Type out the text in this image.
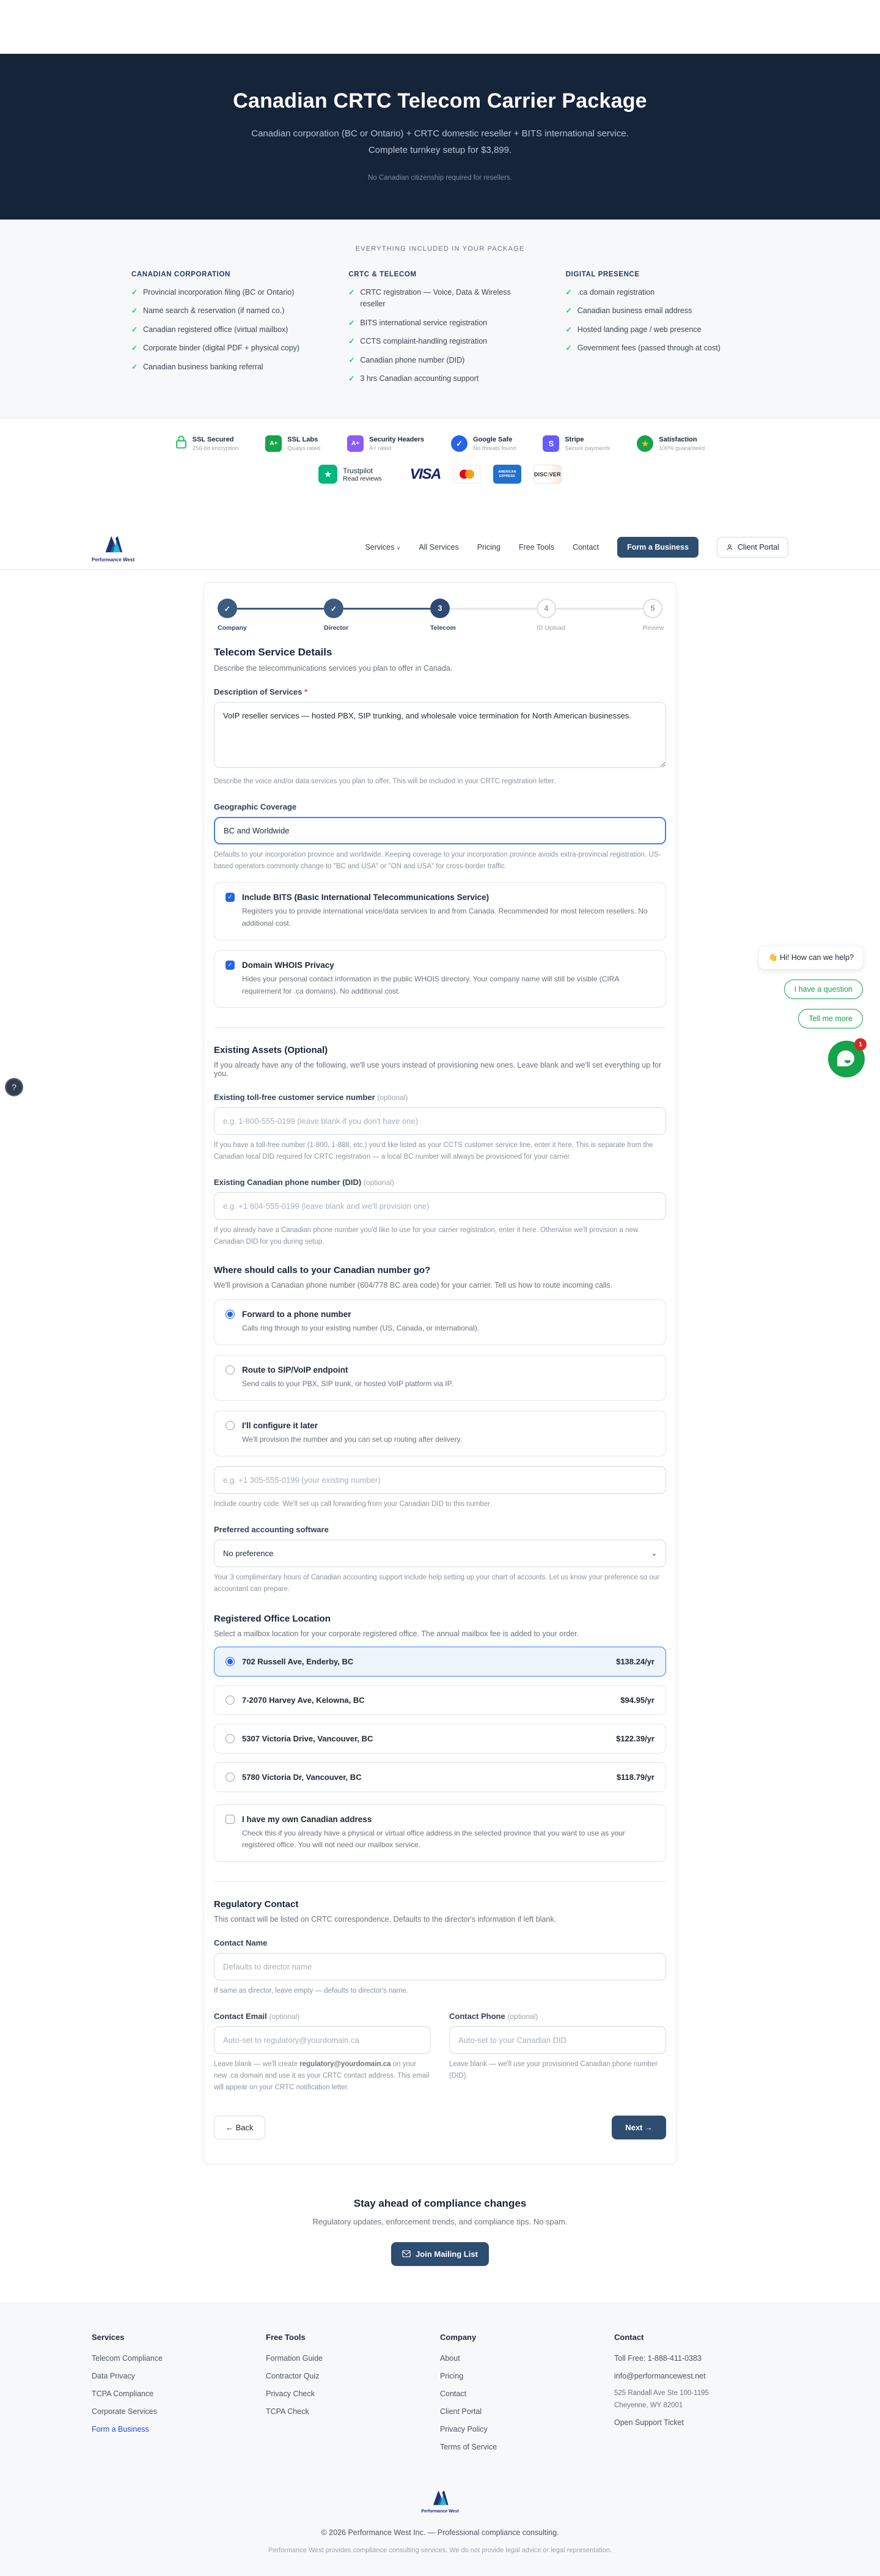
Canadian CRTC Telecom Carrier Package
Canadian corporation (BC or Ontario) + CRTC domestic reseller + BITS international service. Complete turnkey setup for $3,899.
No Canadian citizenship required for resellers.
EVERYTHING INCLUDED IN YOUR PACKAGE
CANADIAN CORPORATION
✓ Provincial incorporation filing (BC or Ontario)
✓ Name search & reservation (if named co.)
✓ Canadian registered office (virtual mailbox)
✓ Corporate binder (digital PDF + physical copy)
✓ Canadian business banking referral
CRTC & TELECOM
✓ CRTC registration — Voice, Data & Wireless reseller
✓ BITS international service registration
✓ CCTS complaint-handling registration
✓ Canadian phone number (DID)
✓ 3 hrs Canadian accounting support
DIGITAL PRESENCE
✓ .ca domain registration
✓ Canadian business email address
✓ Hosted landing page / web presence
✓ Government fees (passed through at cost)
SSL Secured
256-bit encryption
A+
SSL Labs
Qualys rated
A+
Security Headers
A+ rated
✓	Google Safe
No threats found	S	Stripe
Secure payments
★	Satisfaction
100% guaranteed
★	Trustpilot
Read reviews VISA	AMERICAN EXPRESS	DISC VER
Performance West
Services ∨ All Services Pricing Free Tools Contact	Form a Business	Client Portal
✓
Company
✓
Director
3
Telecom
4
ID Upload
5
Review
Telecom Service Details
Describe the telecommunications services you plan to offer in Canada.
Description of Services *
VoIP reseller services — hosted PBX, SIP trunking, and wholesale voice termination for North American businesses.
Describe the voice and/or data services you plan to offer. This will be included in your CRTC registration letter.
Geographic Coverage
BC and Worldwide
Defaults to your incorporation province and worldwide. Keeping coverage to your incorporation province avoids extra-provincial registration. US-based operators commonly change to "BC and USA" or "ON and USA" for cross-border traffic.
✓ Include BITS (Basic International Telecommunications Service)
Registers you to provide international voice/data services to and from Canada. Recommended for most telecom resellers. No additional cost.
✓ Domain WHOIS Privacy
Hides your personal contact information in the public WHOIS directory. Your company name will still be visible (CIRA requirement for .ca domains). No additional cost.
Existing Assets (Optional)
If you already have any of the following, we'll use yours instead of provisioning new ones. Leave blank and we'll set everything up for you.
Existing toll-free customer service number (optional)
e.g. 1-800-555-0199 (leave blank if you don't have one)
If you have a toll-free number (1-800, 1-888, etc.) you'd like listed as your CCTS customer service line, enter it here. This is separate from the Canadian local DID required for CRTC registration — a local BC number will always be provisioned for your carrier.
Existing Canadian phone number (DID) (optional)
e.g. +1 604-555-0199 (leave blank and we'll provision one)
If you already have a Canadian phone number you'd like to use for your carrier registration, enter it here. Otherwise we'll provision a new Canadian DID for you during setup.
Where should calls to your Canadian number go?
We'll provision a Canadian phone number (604/778 BC area code) for your carrier. Tell us how to route incoming calls.
Forward to a phone number
Calls ring through to your existing number (US, Canada, or international).
Route to SIP/VoIP endpoint
Send calls to your PBX, SIP trunk, or hosted VoIP platform via IP.
I'll configure it later
We'll provision the number and you can set up routing after delivery.
e.g. +1 305-555-0199 (your existing number)
Include country code. We'll set up call forwarding from your Canadian DID to this number.
Preferred accounting software
No preference	⌄
Your 3 complimentary hours of Canadian accounting support include help setting up your chart of accounts. Let us know your preference so our accountant can prepare.
Registered Office Location
Select a mailbox location for your corporate registered office. The annual mailbox fee is added to your order.
702 Russell Ave, Enderby, BC	$138.24/yr
7-2070 Harvey Ave, Kelowna, BC	$94.95/yr
5307 Victoria Drive, Vancouver, BC	$122.39/yr
5780 Victoria Dr, Vancouver, BC	$118.79/yr
I have my own Canadian address
Check this if you already have a physical or virtual office address in the selected province that you want to use as your registered office. You will not need our mailbox service.
Regulatory Contact
This contact will be listed on CRTC correspondence. Defaults to the director's information if left blank.
Contact Name
Defaults to director name
If same as director, leave empty — defaults to director's name.
Contact Email (optional)
Auto-set to regulatory@yourdomain.ca
Leave blank — we'll create regulatory@yourdomain.ca on your new .ca domain and use it as your CRTC contact address. This email will appear on your CRTC notification letter.
Contact Phone (optional)
Auto-set to your Canadian DID
Leave blank — we'll use your provisioned Canadian phone number (DID).
← Back	Next →
Stay ahead of compliance changes

Regulatory updates, enforcement trends, and compliance tips. No spam.

Join Mailing List
Services
Telecom Compliance
Data Privacy
TCPA Compliance
Corporate Services
Form a Business
Free Tools
Formation Guide
Contractor Quiz
Privacy Check
TCPA Check
Company
About
Pricing
Contact
Client Portal
Privacy Policy
Terms of Service
Contact
Toll Free: 1-888-411-0383
info@performancewest.net
525 Randall Ave Ste 100-1195
Cheyenne, WY 82001
Open Support Ticket
Performance West
© 2026 Performance West Inc. — Professional compliance consulting.
Performance West provides compliance consulting services. We do not provide legal advice or legal representation.
👋 Hi! How can we help?
I have a question
Tell me more
1
?
